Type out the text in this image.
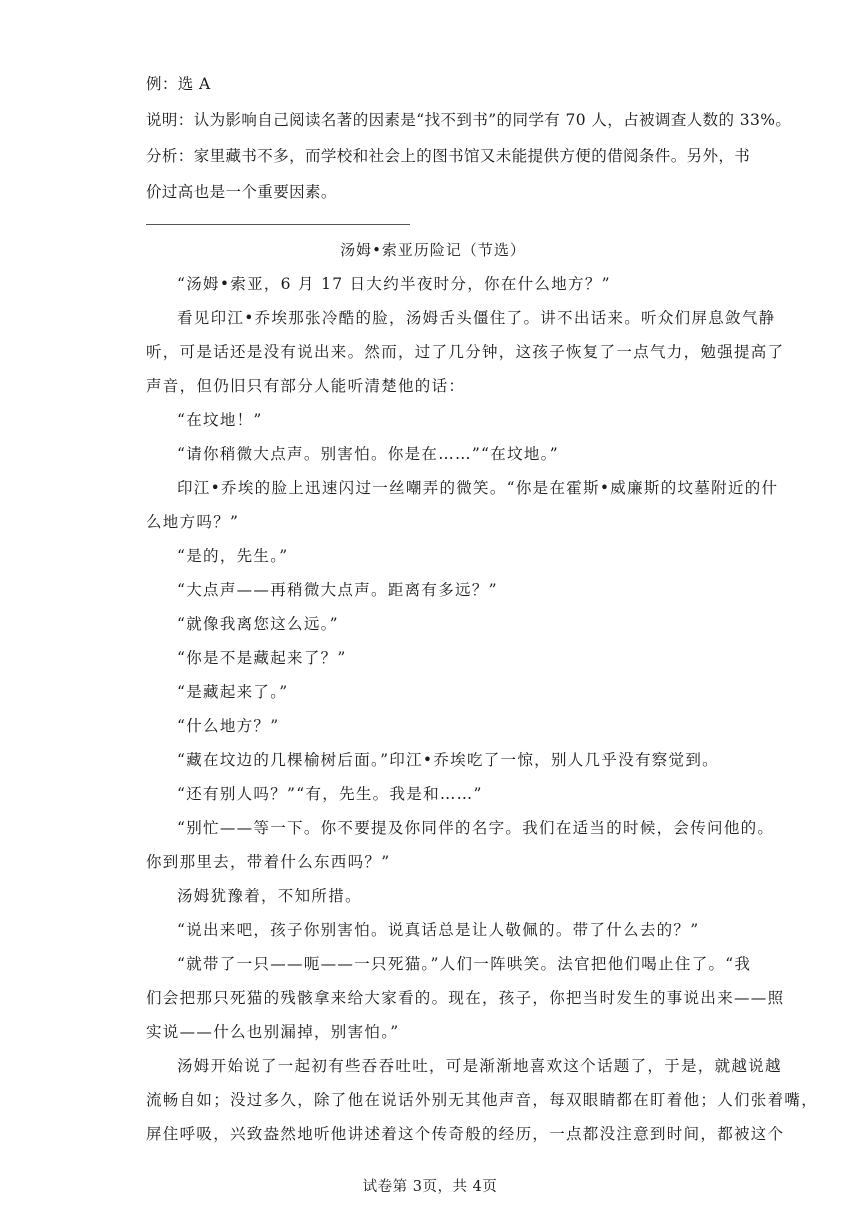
例：选 A
说明：认为影响自己阅读名著的因素是“找不到书”的同学有 70 人，占被调查人数的 33%。
分析：家里藏书不多，而学校和社会上的图书馆又未能提供方便的借阅条件。另外，书
价过高也是一个重要因素。
汤姆•索亚历险记（节选）
“汤姆•索亚，6 月 17 日大约半夜时分，你在什么地方？”
看见印江•乔埃那张冷酷的脸，汤姆舌头僵住了。讲不出话来。听众们屏息敛气静
听，可是话还是没有说出来。然而，过了几分钟，这孩子恢复了一点气力，勉强提高了
声音，但仍旧只有部分人能听清楚他的话：
“在坟地！”
“请你稍微大点声。别害怕。你是在……”“在坟地。”
印江•乔埃的脸上迅速闪过一丝嘲弄的微笑。“你是在霍斯•威廉斯的坟墓附近的什
么地方吗？”
“是的，先生。”
“大点声——再稍微大点声。距离有多远？”
“就像我离您这么远。”
“你是不是藏起来了？”
“是藏起来了。”
“什么地方？”
“藏在坟边的几棵榆树后面。”印江•乔埃吃了一惊，别人几乎没有察觉到。
“还有别人吗？”“有，先生。我是和……”
“别忙——等一下。你不要提及你同伴的名字。我们在适当的时候，会传问他的。
你到那里去，带着什么东西吗？”
汤姆犹豫着，不知所措。
“说出来吧，孩子你别害怕。说真话总是让人敬佩的。带了什么去的？”
“就带了一只——呃——一只死猫。”人们一阵哄笑。法官把他们喝止住了。“我
们会把那只死猫的残骸拿来给大家看的。现在，孩子，你把当时发生的事说出来——照
实说——什么也别漏掉，别害怕。”
汤姆开始说了一起初有些吞吞吐吐，可是渐渐地喜欢这个话题了，于是，就越说越
流畅自如；没过多久，除了他在说话外别无其他声音，每双眼睛都在盯着他；人们张着嘴，
屏住呼吸，兴致盎然地听他讲述着这个传奇般的经历，一点都没注意到时间，都被这个
试卷第 3页，共 4页
